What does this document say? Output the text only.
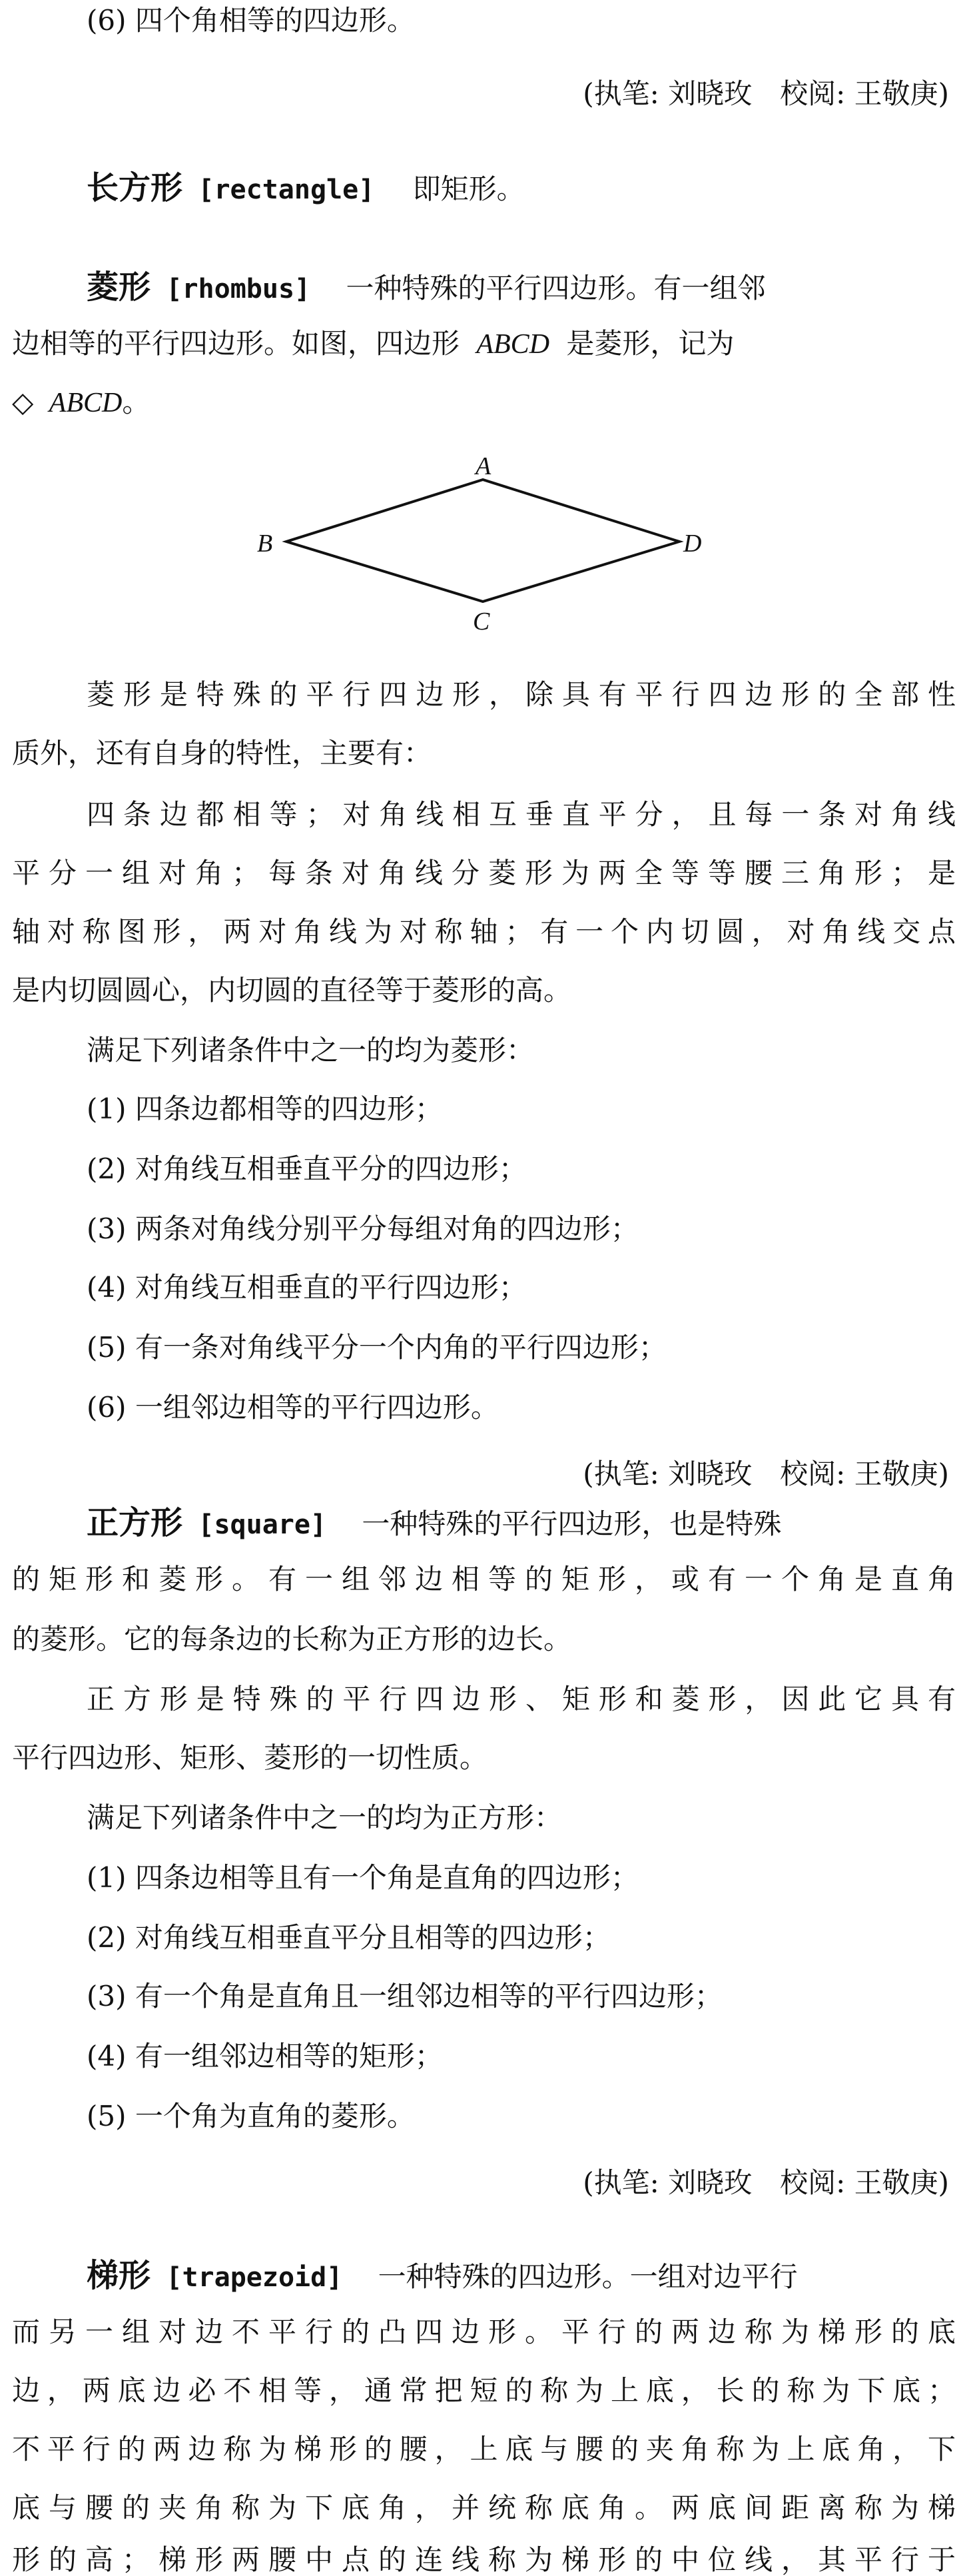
(6) 四个角相等的四边形。
(执笔: 刘晓玫　校阅: 王敬庚)
长方形 [rectangle] 即矩形。
菱形 [rhombus] 一种特殊的平行四边形。有一组邻
边相等的平行四边形。如图，四边形 ABCD 是菱形，记为
◇ ABCD。
A
B
C
D
菱形是特殊的平行四边形，除具有平行四边形的全部性
质外，还有自身的特性，主要有：
四条边都相等；对角线相互垂直平分，且每一条对角线
平分一组对角；每条对角线分菱形为两全等等腰三角形；是
轴对称图形，两对角线为对称轴；有一个内切圆，对角线交点
是内切圆圆心，内切圆的直径等于菱形的高。
满足下列诸条件中之一的均为菱形：
(1) 四条边都相等的四边形；
(2) 对角线互相垂直平分的四边形；
(3) 两条对角线分别平分每组对角的四边形；
(4) 对角线互相垂直的平行四边形；
(5) 有一条对角线平分一个内角的平行四边形；
(6) 一组邻边相等的平行四边形。
(执笔: 刘晓玫　校阅: 王敬庚)
正方形 [square] 一种特殊的平行四边形，也是特殊
的矩形和菱形。有一组邻边相等的矩形，或有一个角是直角
的菱形。它的每条边的长称为正方形的边长。
正方形是特殊的平行四边形、矩形和菱形，因此它具有
平行四边形、矩形、菱形的一切性质。
满足下列诸条件中之一的均为正方形：
(1) 四条边相等且有一个角是直角的四边形；
(2) 对角线互相垂直平分且相等的四边形；
(3) 有一个角是直角且一组邻边相等的平行四边形；
(4) 有一组邻边相等的矩形；
(5) 一个角为直角的菱形。
(执笔: 刘晓玫　校阅: 王敬庚)
梯形 [trapezoid] 一种特殊的四边形。一组对边平行
而另一组对边不平行的凸四边形。平行的两边称为梯形的底
边，两底边必不相等，通常把短的称为上底，长的称为下底；
不平行的两边称为梯形的腰，上底与腰的夹角称为上底角，下
底与腰的夹角称为下底角，并统称底角。两底间距离称为梯
形的高；梯形两腰中点的连线称为梯形的中位线，其平行于
